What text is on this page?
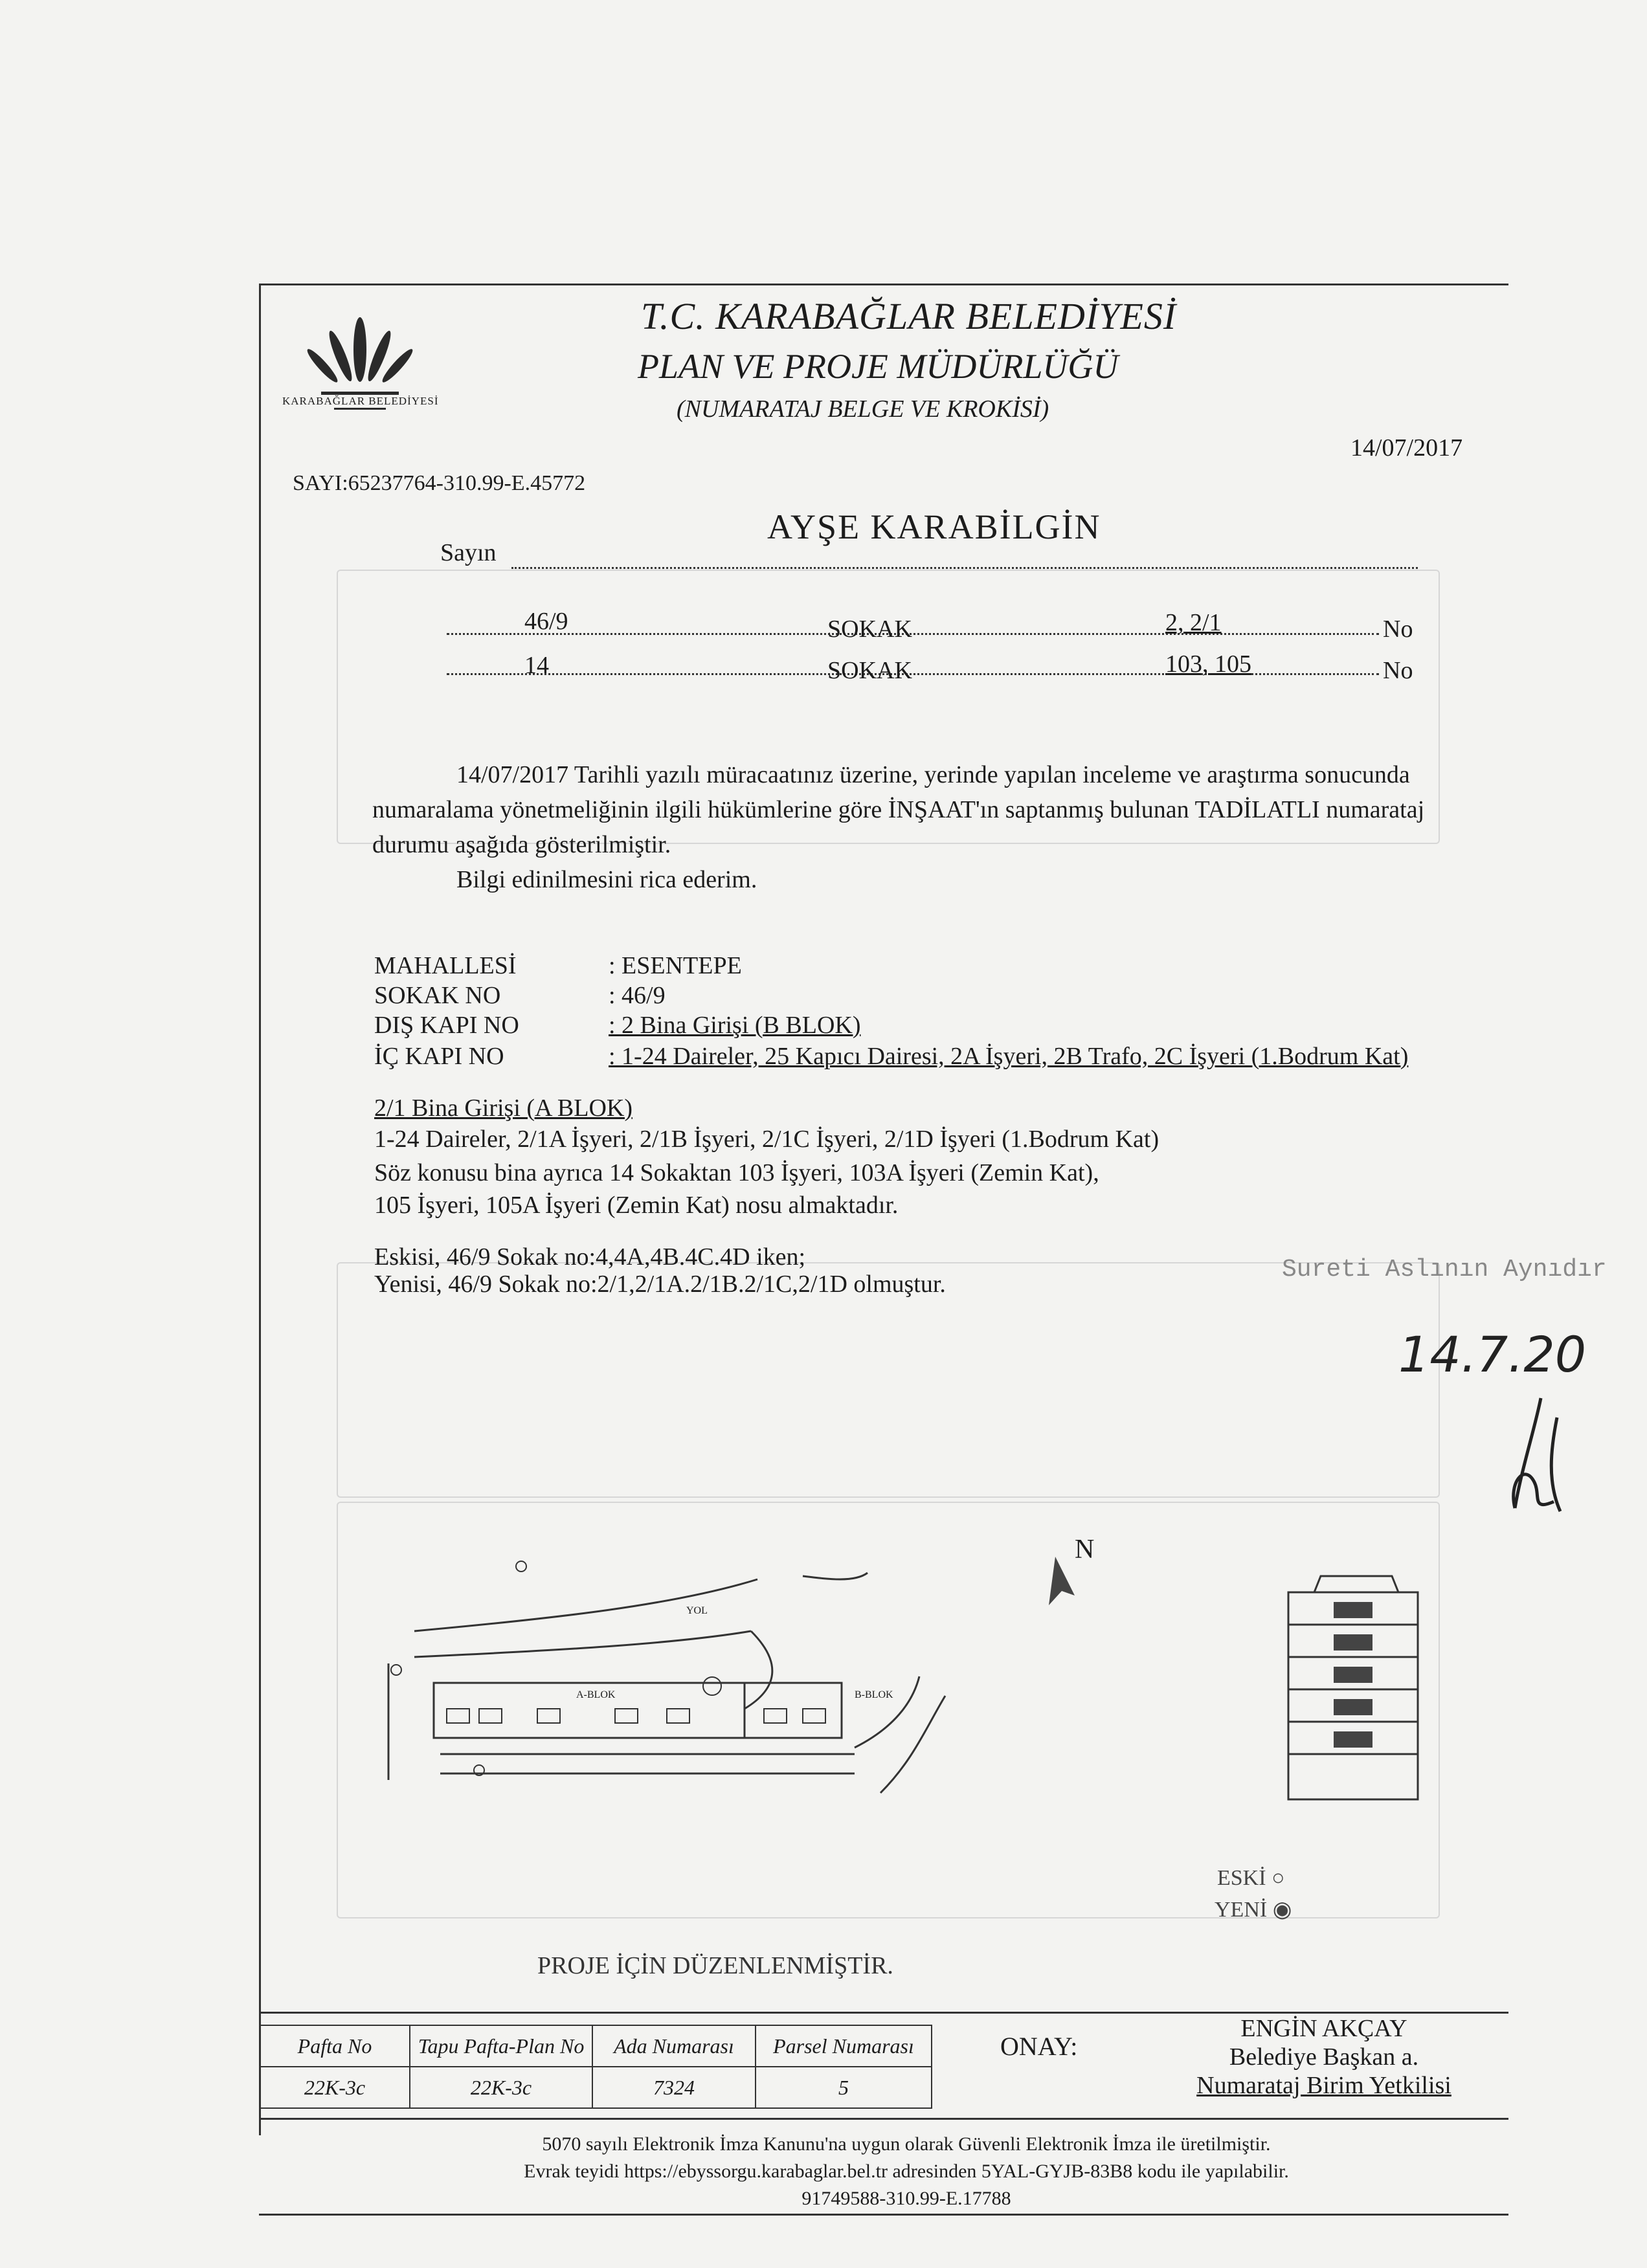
KARABAĞLAR BELEDİYESİ
T.C. KARABAĞLAR BELEDİYESİ
PLAN VE PROJE MÜDÜRLÜĞÜ
(NUMARATAJ BELGE VE KROKİSİ)
14/07/2017
SAYI:65237764-310.99-E.45772
Sayın
AYŞE KARABİLGİN
46/9	SOKAK	2, 2/1	No
14	SOKAK	103, 105	No
14/07/2017 Tarihli yazılı müracaatınız üzerine, yerinde yapılan inceleme ve araştırma sonucunda numaralama yönetmeliğinin ilgili hükümlerine göre İNŞAAT'ın saptanmış bulunan TADİLATLI numarataj durumu aşağıda gösterilmiştir.
Bilgi edinilmesini rica ederim.
MAHALLESİ	: ESENTEPE
SOKAK NO	: 46/9
DIŞ KAPI NO	: 2 Bina Girişi (B BLOK)
İÇ KAPI NO	: 1-24 Daireler, 25 Kapıcı Dairesi, 2A İşyeri, 2B Trafo, 2C İşyeri (1.Bodrum Kat)
2/1 Bina Girişi (A BLOK)
1-24 Daireler, 2/1A İşyeri, 2/1B İşyeri, 2/1C İşyeri, 2/1D İşyeri (1.Bodrum Kat)
Söz konusu bina ayrıca 14 Sokaktan 103 İşyeri, 103A İşyeri (Zemin Kat),
105 İşyeri, 105A İşyeri (Zemin Kat) nosu almaktadır.
Eskisi, 46/9 Sokak no:4,4A,4B.4C.4D iken;
Yenisi, 46/9 Sokak no:2/1,2/1A.2/1B.2/1C,2/1D olmuştur.
Sureti Aslının Aynıdır
14.7.20
N
YOL
A-BLOK	B-BLOK
ESKİ ○
YENİ ◉
PROJE İÇİN DÜZENLENMİŞTİR.
Pafta No	Tapu Pafta-Plan No	Ada Numarası	Parsel Numarası
22K-3c	22K-3c	7324	5
ONAY:
ENGİN AKÇAY
Belediye Başkan a.
Numarataj Birim Yetkilisi
5070 sayılı Elektronik İmza Kanunu'na uygun olarak Güvenli Elektronik İmza ile üretilmiştir.
Evrak teyidi https://ebyssorgu.karabaglar.bel.tr adresinden 5YAL-GYJB-83B8 kodu ile yapılabilir.
91749588-310.99-E.17788
